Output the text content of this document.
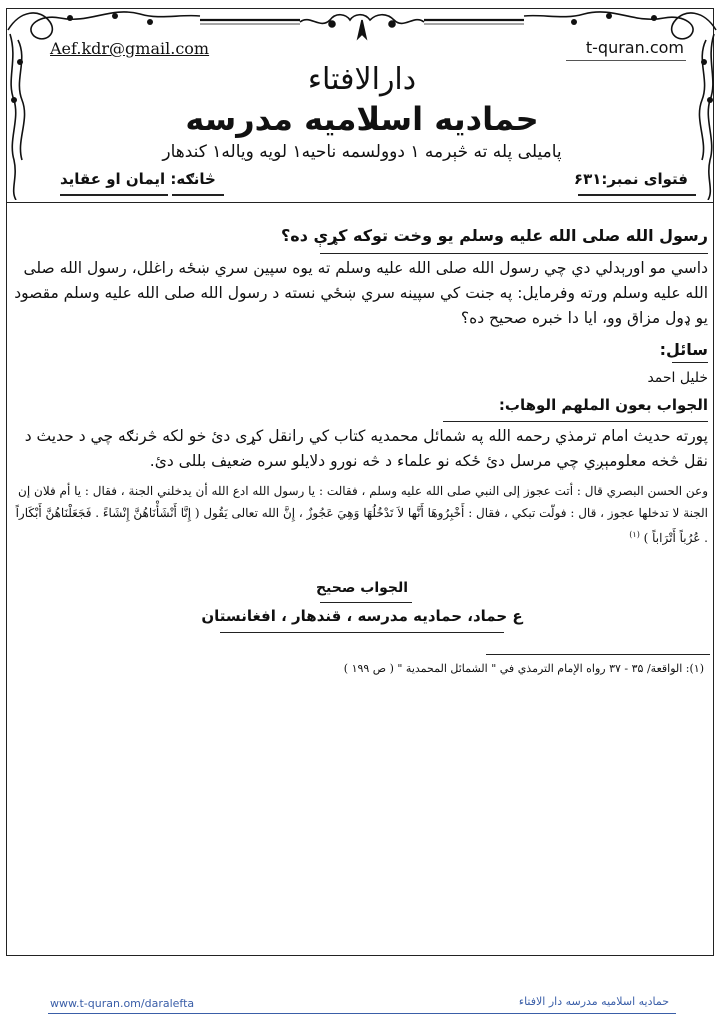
Aef.kdr@gmail.com	t-quran.com
دارالافتاء
حمادیه اسلامیه مدرسه
پامیلی پله ته څېرمه ۱ دوولسمه ناحیه۱ لویه ویاله۱ کندهار
فتوای نمبر:۶۳۱
څانګه: ایمان او عقاید
رسول الله صلی الله علیه وسلم یو وخت توکه کړې ده؟
داسي مو اورېدلي دي چي رسول الله صلی الله علیه وسلم ته یوه سپین سري ښځه راغلل، رسول الله صلی الله علیه وسلم ورته وفرمایل: په جنت کي سپینه سري ښځي نسته د رسول الله صلی الله علیه وسلم مقصود یو ډول مزاق وو، ایا دا خبره صحیح ده؟
سائل:
خلیل احمد
الجواب بعون الملهم الوهاب:
پورته حدیث امام ترمذي رحمه الله په شمائل محمدیه کتاب کي رانقل کړی دئ خو لکه څرنګه چي د حدیث د نقل څخه معلومېږي چي مرسل دئ ځکه نو علماء د څه نورو دلایلو سره ضعیف بللی دئ.
وعن الحسن البصري قال : أتت عجوز إلى النبي صلى الله عليه وسلم ، فقالت : يا رسول الله ادع الله أن يدخلني الجنة ، فقال : يا أم فلان إن الجنة لا تدخلها عجوز ، قال : فولّت تبكي ، فقال : أَخْبِرُوهَا أَنَّها لاَ تَدْخُلُهَا وَهِيَ عَجُوزٌ ، إِنَّ الله تعالى يَقُول ( إِنَّا أَنْشَأْنَاهُنَّ إِنْشَاءً . فَجَعَلْنَاهُنَّ أَبْكَاراً . عُرُباً أَتْرَاباً ) $^{(۱)}$
الجواب صحیح
ع حماد، حمادیه مدرسه ، قندهار ، افغانستان
(۱): الواقعة/ ۳۵ - ۳۷ رواه الإمام الترمذي في " الشمائل المحمدية " ( ص ۱۹۹ )
www.t-quran.om/daralefta	حمادیه اسلامیه مدرسه دار الافتاء
